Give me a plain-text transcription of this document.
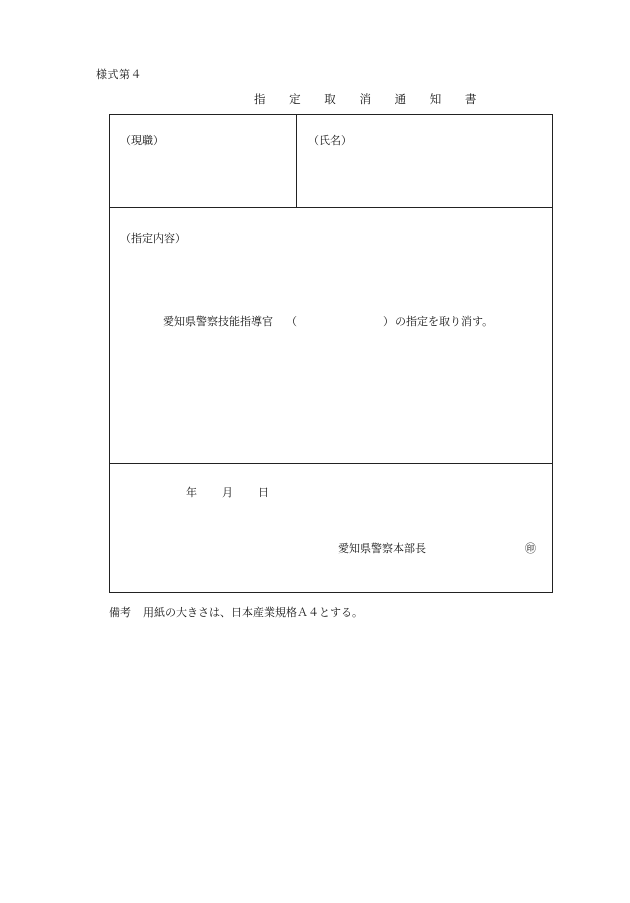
様式第４
指 定 取 消 通 知 書
（現職）	（氏名）
（指定内容）
愛知県警察技能指導官 （	） の指定を取り消す。
年 月 日
愛知県警察本部長	㊞
備考 用紙の大きさは、日本産業規格Ａ４とする。
